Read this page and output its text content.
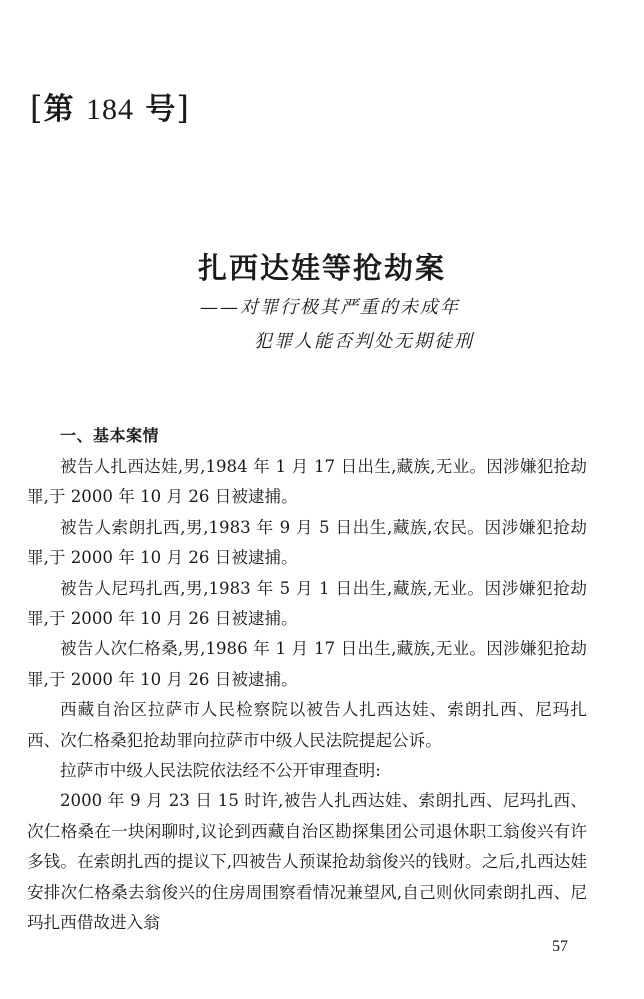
[第 184 号]
扎西达娃等抢劫案
——对罪行极其严重的未成年
犯罪人能否判处无期徒刑
一、基本案情

被告人扎西达娃,男,1984 年 1 月 17 日出生,藏族,无业。因涉嫌犯抢劫罪,于 2000 年 10 月 26 日被逮捕。

被告人索朗扎西,男,1983 年 9 月 5 日出生,藏族,农民。因涉嫌犯抢劫罪,于 2000 年 10 月 26 日被逮捕。

被告人尼玛扎西,男,1983 年 5 月 1 日出生,藏族,无业。因涉嫌犯抢劫罪,于 2000 年 10 月 26 日被逮捕。

被告人次仁格桑,男,1986 年 1 月 17 日出生,藏族,无业。因涉嫌犯抢劫罪,于 2000 年 10 月 26 日被逮捕。

西藏自治区拉萨市人民检察院以被告人扎西达娃、索朗扎西、尼玛扎西、次仁格桑犯抢劫罪向拉萨市中级人民法院提起公诉。

拉萨市中级人民法院依法经不公开审理查明:

2000 年 9 月 23 日 15 时许,被告人扎西达娃、索朗扎西、尼玛扎西、次仁格桑在一块闲聊时,议论到西藏自治区勘探集团公司退休职工翁俊兴有许多钱。在索朗扎西的提议下,四被告人预谋抢劫翁俊兴的钱财。之后,扎西达娃安排次仁格桑去翁俊兴的住房周围察看情况兼望风,自己则伙同索朗扎西、尼玛扎西借故进入翁

57
